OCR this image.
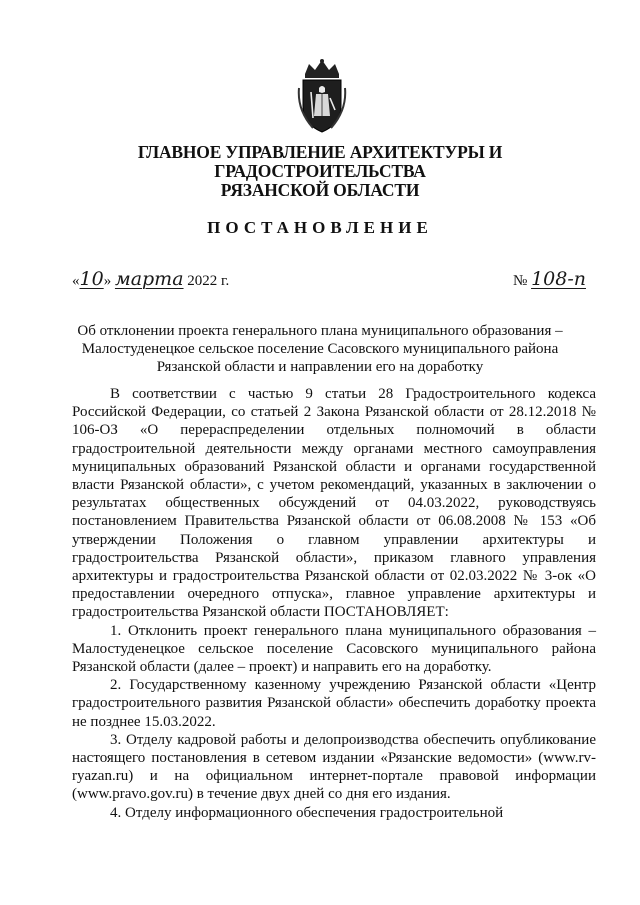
ГЛАВНОЕ УПРАВЛЕНИЕ АРХИТЕКТУРЫ И ГРАДОСТРОИТЕЛЬСТВА
РЯЗАНСКОЙ ОБЛАСТИ
ПОСТАНОВЛЕНИЕ
«10» марта 2022 г.	№ 108-п
Об отклонении проекта генерального плана муниципального образования – Малостуденецкое сельское поселение Сасовского муниципального района Рязанской области и направлении его на доработку

В соответствии с частью 9 статьи 28 Градостроительного кодекса Российской Федерации, со статьей 2 Закона Рязанской области от 28.12.2018 № 106-ОЗ «О перераспределении отдельных полномочий в области градостроительной деятельности между органами местного самоуправления муниципальных образований Рязанской области и органами государственной власти Рязанской области», с учетом рекомендаций, указанных в заключении о результатах общественных обсуждений от 04.03.2022, руководствуясь постановлением Правительства Рязанской области от 06.08.2008 № 153 «Об утверждении Положения о главном управлении архитектуры и градостроительства Рязанской области», приказом главного управления архитектуры и градостроительства Рязанской области от 02.03.2022 № 3-ок «О предоставлении очередного отпуска», главное управление архитектуры и градостроительства Рязанской области ПОСТАНОВЛЯЕТ:

1. Отклонить проект генерального плана муниципального образования – Малостуденецкое сельское поселение Сасовского муниципального района Рязанской области (далее – проект) и направить его на доработку.

2. Государственному казенному учреждению Рязанской области «Центр градостроительного развития Рязанской области» обеспечить доработку проекта не позднее 15.03.2022.

3. Отделу кадровой работы и делопроизводства обеспечить опубликование настоящего постановления в сетевом издании «Рязанские ведомости» (www.rv-ryazan.ru) и на официальном интернет-портале правовой информации (www.pravo.gov.ru) в течение двух дней со дня его издания.

4. Отделу информационного обеспечения градостроительной
